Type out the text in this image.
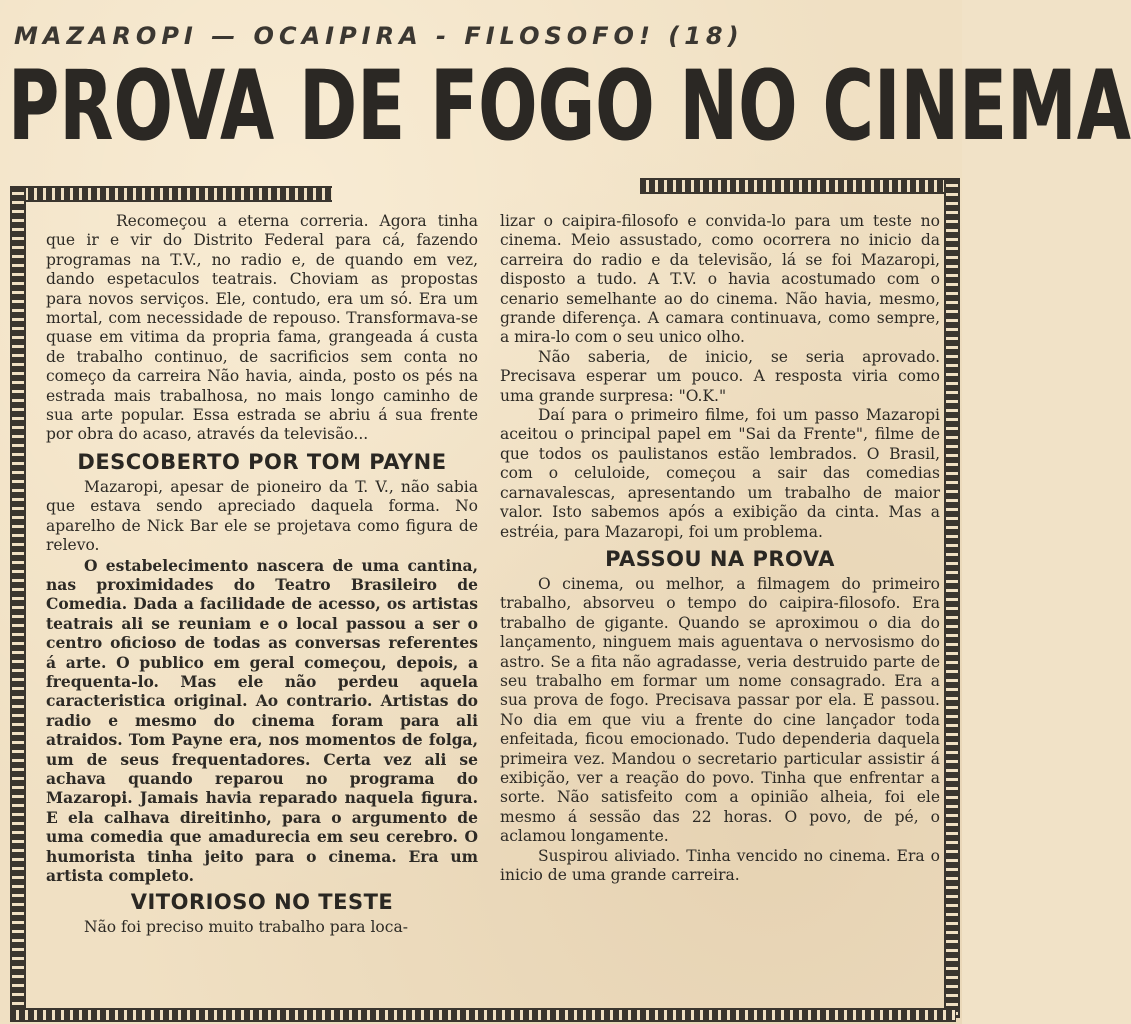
MAZAROPI — OCAIPIRA - FILOSOFO! (18)
PROVA DE FOGO NO CINEMA

Recomeçou a eterna correria. Agora tinha que ir e vir do Distrito Federal para cá, fazendo programas na T.V., no radio e, de quando em vez, dando espetaculos teatrais. Choviam as propostas para novos serviços. Ele, contudo, era um só. Era um mortal, com necessidade de repouso. Transformava-se quase em vitima da propria fama, grangeada á custa de trabalho continuo, de sacrificios sem conta no começo da carreira Não havia, ainda, posto os pés na estrada mais trabalhosa, no mais longo caminho de sua arte popular. Essa estrada se abriu á sua frente por obra do acaso, através da televisão...

DESCOBERTO POR TOM PAYNE

Mazaropi, apesar de pioneiro da T. V., não sabia que estava sendo apreciado daquela forma. No aparelho de Nick Bar ele se projetava como figura de relevo.

O estabelecimento nascera de uma cantina, nas proximidades do Teatro Brasileiro de Comedia. Dada a facilidade de acesso, os artistas teatrais ali se reuniam e o local passou a ser o centro oficioso de todas as conversas referentes á arte. O publico em geral começou, depois, a frequenta-lo. Mas ele não perdeu aquela caracteristica original. Ao contrario. Artistas do radio e mesmo do cinema foram para ali atraidos. Tom Payne era, nos momentos de folga, um de seus frequentadores. Certa vez ali se achava quando reparou no programa do Mazaropi. Jamais havia reparado naquela figura. E ela calhava direitinho, para o argumento de uma comedia que amadurecia em seu cerebro. O humorista tinha jeito para o cinema. Era um artista completo.

VITORIOSO NO TESTE

Não foi preciso muito trabalho para loca-

lizar o caipira-filosofo e convida-lo para um teste no cinema. Meio assustado, como ocorrera no inicio da carreira do radio e da televisão, lá se foi Mazaropi, disposto a tudo. A T.V. o havia acostumado com o cenario semelhante ao do cinema. Não havia, mesmo, grande diferença. A camara continuava, como sempre, a mira-lo com o seu unico olho.

Não saberia, de inicio, se seria aprovado. Precisava esperar um pouco. A resposta viria como uma grande surpresa: "O.K."

Daí para o primeiro filme, foi um passo Mazaropi aceitou o principal papel em "Sai da Frente", filme de que todos os paulistanos estão lembrados. O Brasil, com o celuloide, começou a sair das comedias carnavalescas, apresentando um trabalho de maior valor. Isto sabemos após a exibição da cinta. Mas a estréia, para Mazaropi, foi um problema.

PASSOU NA PROVA

O cinema, ou melhor, a filmagem do primeiro trabalho, absorveu o tempo do caipira-filosofo. Era trabalho de gigante. Quando se aproximou o dia do lançamento, ninguem mais aguentava o nervosismo do astro. Se a fita não agradasse, veria destruido parte de seu trabalho em formar um nome consagrado. Era a sua prova de fogo. Precisava passar por ela. E passou. No dia em que viu a frente do cine lançador toda enfeitada, ficou emocionado. Tudo dependeria daquela primeira vez. Mandou o secretario particular assistir á exibição, ver a reação do povo. Tinha que enfrentar a sorte. Não satisfeito com a opinião alheia, foi ele mesmo á sessão das 22 horas. O povo, de pé, o aclamou longamente.

Suspirou aliviado. Tinha vencido no cinema. Era o inicio de uma grande carreira.
